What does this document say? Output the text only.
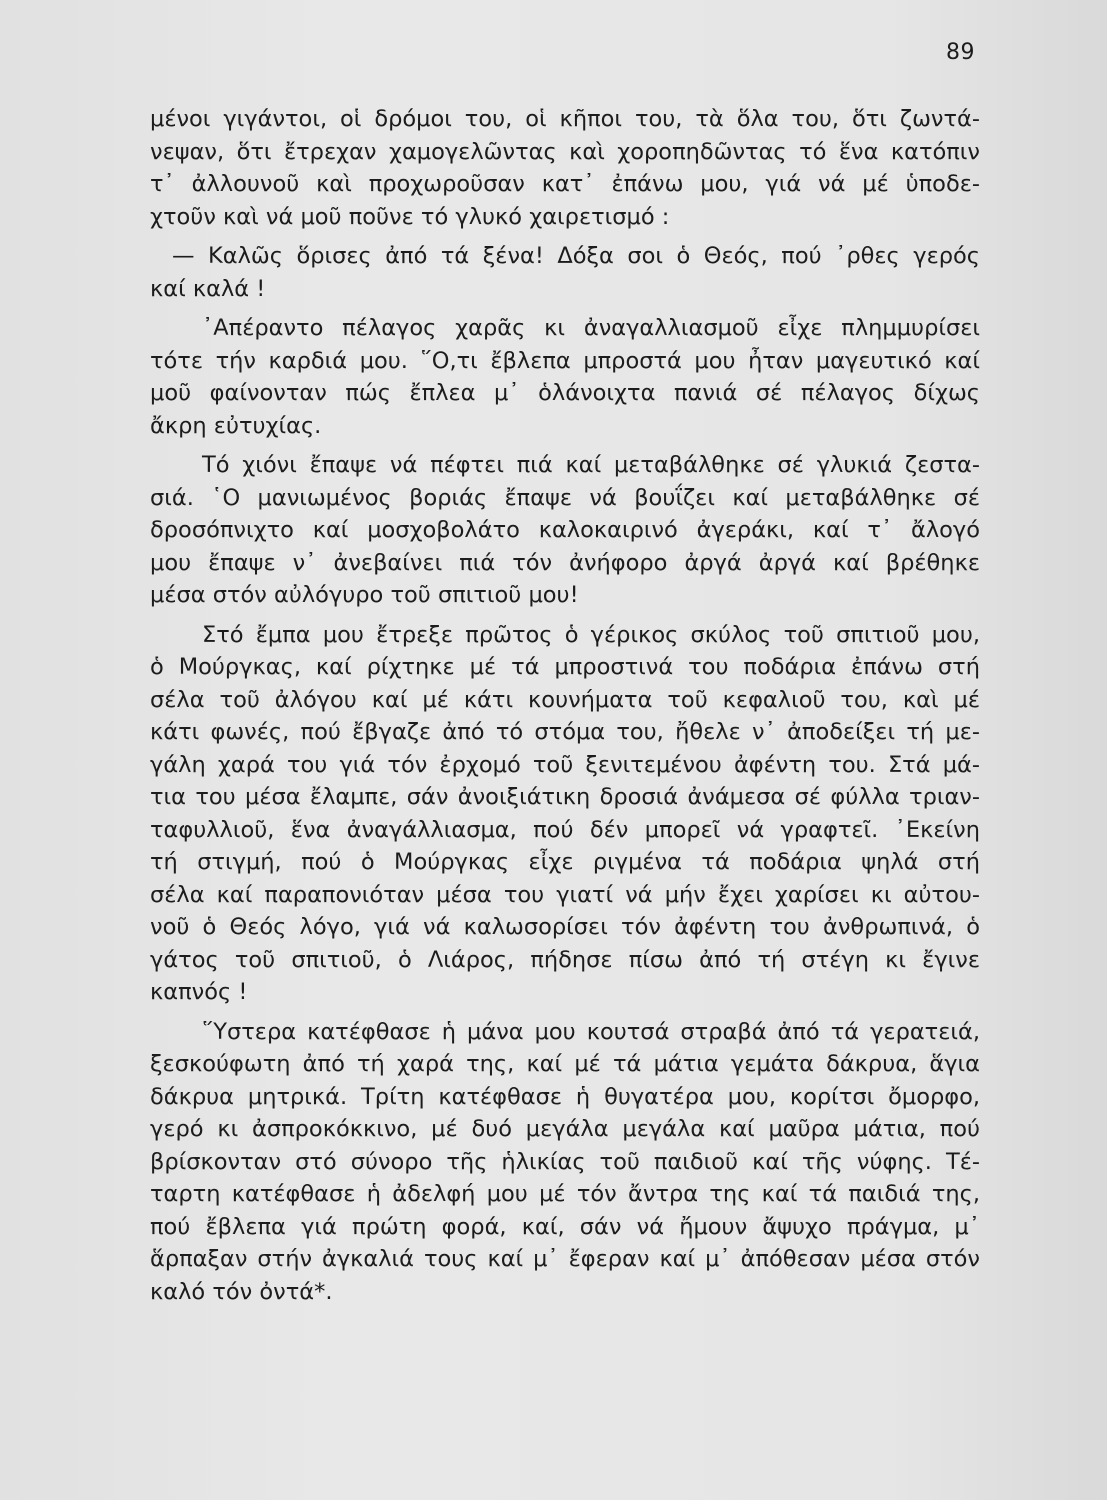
89
μένοι γιγάντοι, οἱ δρόμοι του, οἱ κῆποι του, τὰ ὅλα του, ὅτι ζωντά-
νεψαν, ὅτι ἔτρεχαν χαμογελῶντας καὶ χοροπηδῶντας τό ἕνα κατόπιν
τ᾿ ἀλλουνοῦ καὶ προχωροῦσαν κατ᾿ ἐπάνω μου, γιά νά μέ ὑποδε-
χτοῦν καὶ νά μοῦ ποῦνε τό γλυκό χαιρετισμό :
— Καλῶς ὅρισες ἀπό τά ξένα! Δόξα σοι ὁ Θεός, πού ᾿ρθες γερός
καί καλά !
᾿Απέραντο πέλαγος χαρᾶς κι ἀναγαλλιασμοῦ εἶχε πλημμυρίσει
τότε τήν καρδιά μου. ῞Ο,τι ἔβλεπα μπροστά μου ἦταν μαγευτικό καί
μοῦ φαίνονταν πώς ἔπλεα μ᾿ ὁλάνοιχτα πανιά σέ πέλαγος δίχως
ἄκρη εὐτυχίας.
Τό χιόνι ἔπαψε νά πέφτει πιά καί μεταβάλθηκε σέ γλυκιά ζεστα-
σιά. ῾Ο μανιωμένος βοριάς ἔπαψε νά βουΐζει καί μεταβάλθηκε σέ
δροσόπνιχτο καί μοσχοβολάτο καλοκαιρινό ἀγεράκι, καί τ᾿ ἄλογό
μου ἔπαψε ν᾿ ἀνεβαίνει πιά τόν ἀνήφορο ἀργά ἀργά καί βρέθηκε
μέσα στόν αὐλόγυρο τοῦ σπιτιοῦ μου!
Στό ἔμπα μου ἔτρεξε πρῶτος ὁ γέρικος σκύλος τοῦ σπιτιοῦ μου,
ὁ Μούργκας, καί ρίχτηκε μέ τά μπροστινά του ποδάρια ἐπάνω στή
σέλα τοῦ ἀλόγου καί μέ κάτι κουνήματα τοῦ κεφαλιοῦ του, καὶ μέ
κάτι φωνές, πού ἔβγαζε ἀπό τό στόμα του, ἤθελε ν᾿ ἀποδείξει τή με-
γάλη χαρά του γιά τόν ἐρχομό τοῦ ξενιτεμένου ἀφέντη του. Στά μά-
τια του μέσα ἔλαμπε, σάν ἀνοιξιάτικη δροσιά ἀνάμεσα σέ φύλλα τριαν-
ταφυλλιοῦ, ἕνα ἀναγάλλιασμα, πού δέν μπορεῖ νά γραφτεῖ. ᾿Εκείνη
τή στιγμή, πού ὁ Μούργκας εἶχε ριγμένα τά ποδάρια ψηλά στή
σέλα καί παραπονιόταν μέσα του γιατί νά μήν ἔχει χαρίσει κι αὐτου-
νοῦ ὁ Θεός λόγο, γιά νά καλωσορίσει τόν ἀφέντη του ἀνθρωπινά, ὁ
γάτος τοῦ σπιτιοῦ, ὁ Λιάρος, πήδησε πίσω ἀπό τή στέγη κι ἔγινε
καπνός !
῞Υστερα κατέφθασε ἡ μάνα μου κουτσά στραβά ἀπό τά γερατειά,
ξεσκούφωτη ἀπό τή χαρά της, καί μέ τά μάτια γεμάτα δάκρυα, ἅγια
δάκρυα μητρικά. Τρίτη κατέφθασε ἡ θυγατέρα μου, κορίτσι ὄμορφο,
γερό κι ἀσπροκόκκινο, μέ δυό μεγάλα μεγάλα καί μαῦρα μάτια, πού
βρίσκονταν στό σύνορο τῆς ἡλικίας τοῦ παιδιοῦ καί τῆς νύφης. Τέ-
ταρτη κατέφθασε ἡ ἀδελφή μου μέ τόν ἄντρα της καί τά παιδιά της,
πού ἔβλεπα γιά πρώτη φορά, καί, σάν νά ἤμουν ἄψυχο πράγμα, μ᾿
ἅρπαξαν στήν ἀγκαλιά τους καί μ᾿ ἔφεραν καί μ᾿ ἀπόθεσαν μέσα στόν
καλό τόν ὀντά*.
